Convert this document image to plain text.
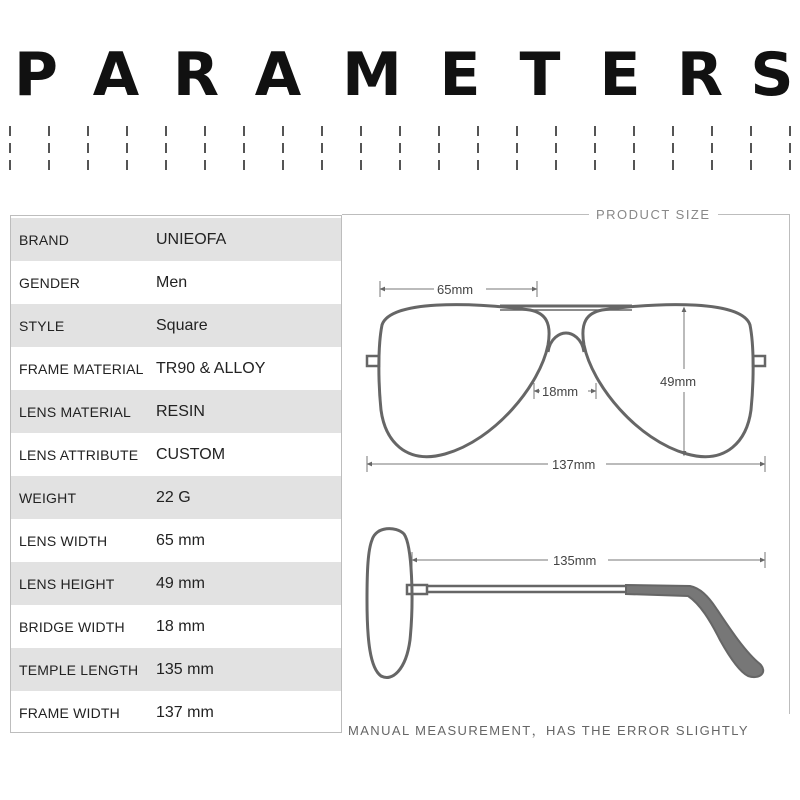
P A R A M E T E R S
BRAND	UNIEOFA
GENDER	Men
STYLE	Square
FRAME MATERIAL TR90 & ALLOY
LENS MATERIAL	RESIN
LENS ATTRIBUTE	CUSTOM
WEIGHT	22 G
LENS WIDTH	65 mm
LENS HEIGHT	49 mm
BRIDGE WIDTH	18 mm
TEMPLE LENGTH	135 mm
FRAME WIDTH	137 mm
PRODUCT SIZE
65mm
49mm
18mm
137mm
135mm
MANUAL MEASUREMENT，HAS THE ERROR SLIGHTLY
